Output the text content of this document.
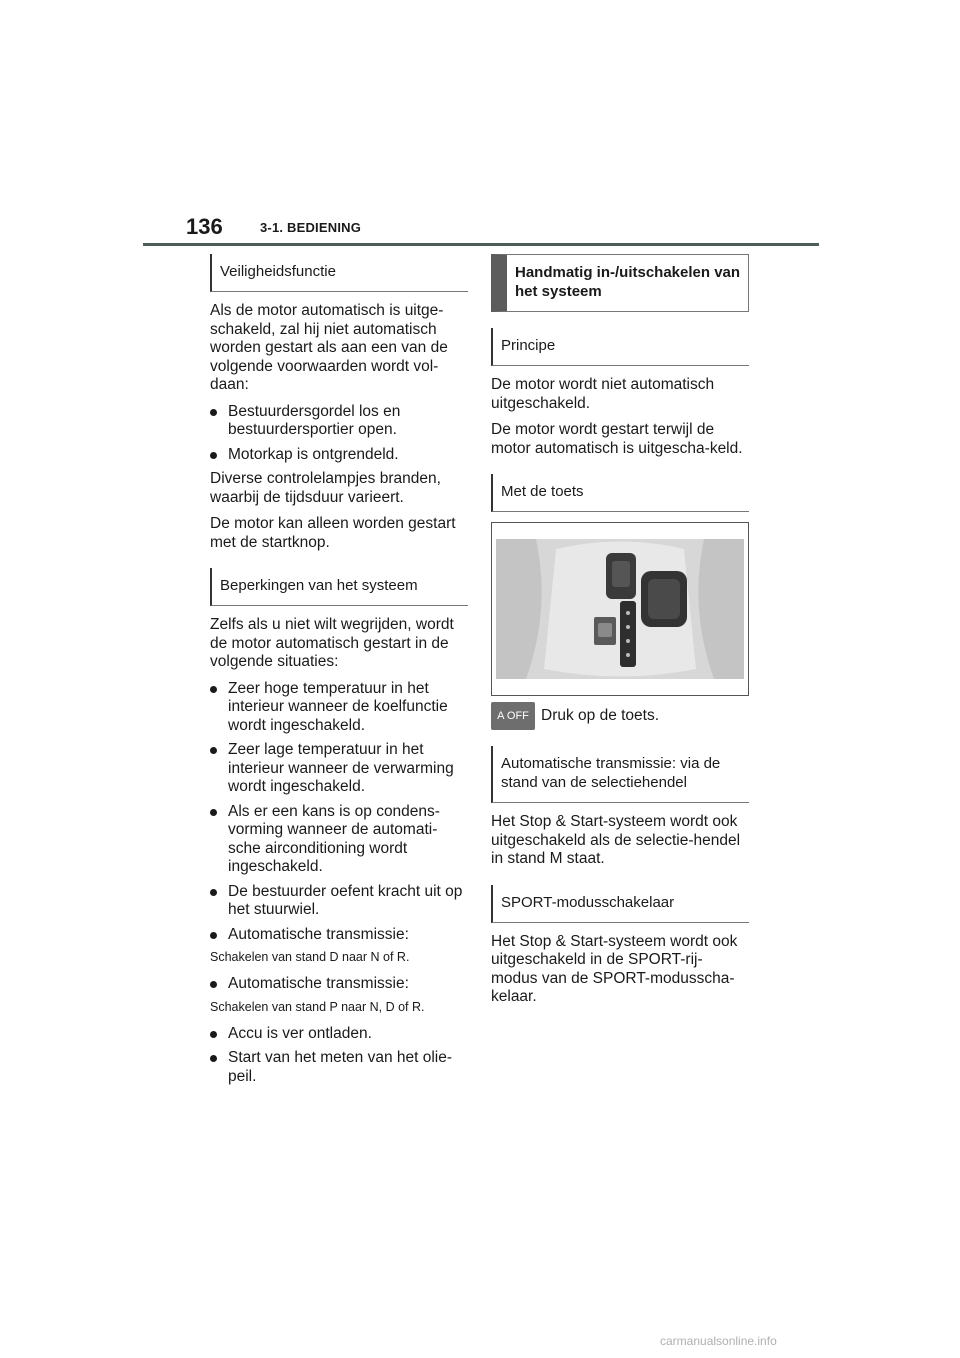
136	3-1. BEDIENING
Veiligheidsfunctie

Als de motor automatisch is uitge-schakeld, zal hij niet automatisch worden gestart als aan een van de volgende voorwaarden wordt vol-daan:

Bestuurdersgordel los en bestuurdersportier open.
Motorkap is ontgrendeld.

Diverse controlelampjes branden, waarbij de tijdsduur varieert.

De motor kan alleen worden gestart met de startknop.

Beperkingen van het systeem

Zelfs als u niet wilt wegrijden, wordt de motor automatisch gestart in de volgende situaties:

Zeer hoge temperatuur in het interieur wanneer de koelfunctie wordt ingeschakeld.
Zeer lage temperatuur in het interieur wanneer de verwarming wordt ingeschakeld.
Als er een kans is op condens-vorming wanneer de automati-sche airconditioning wordt ingeschakeld.
De bestuurder oefent kracht uit op het stuurwiel.
Automatische transmissie:
Schakelen van stand D naar N of R.
Automatische transmissie:
Schakelen van stand P naar N, D of R.
Accu is ver ontladen.
Start van het meten van het olie-peil.
Handmatig in-/uitschakelen van het systeem
Principe

De motor wordt niet automatisch uitgeschakeld.

De motor wordt gestart terwijl de motor automatisch is uitgescha-keld.

Met de toets
A OFF Druk op de toets.
Automatische transmissie: via de stand van de selectiehendel

Het Stop & Start-systeem wordt ook uitgeschakeld als de selectie-hendel in stand M staat.

SPORT-modusschakelaar

Het Stop & Start-systeem wordt ook uitgeschakeld in de SPORT-rij-modus van de SPORT-modusscha-kelaar.

carmanualsonline.info
